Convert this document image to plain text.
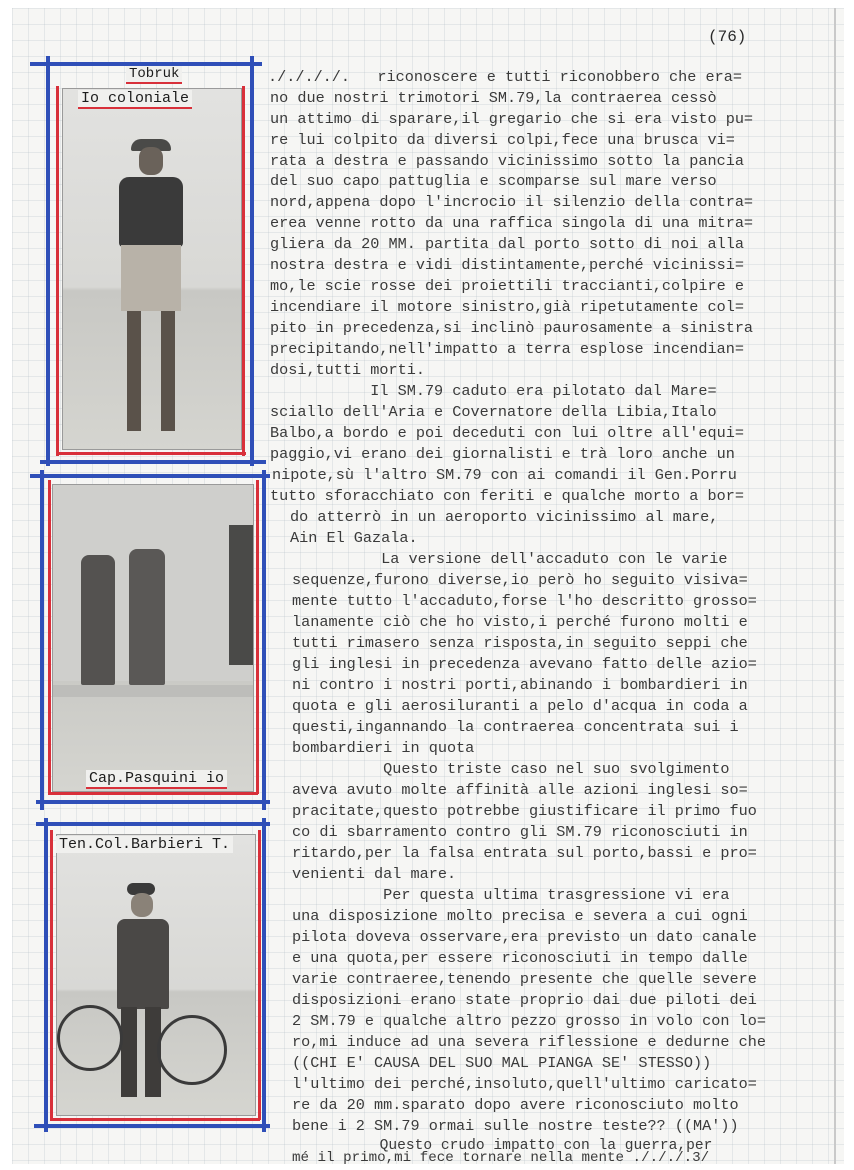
(76)
Tobruk
Io coloniale
Cap.Pasquini io
Ten.Col.Barbieri T.
././././.   riconoscere e tutti riconobbero che era=
no due nostri trimotori SM.79,la contraerea cessò
un attimo di sparare,il gregario che si era visto pu=
re lui colpito da diversi colpi,fece una brusca vi=
rata a destra e passando vicinissimo sotto la pancia
del suo capo pattuglia e scomparse sul mare verso
nord,appena dopo l'incrocio il silenzio della contra=
erea venne rotto da una raffica singola di una mitra=
gliera da 20 MM. partita dal porto sotto di noi alla
nostra destra e vidi distintamente,perché vicinissi=
mo,le scie rosse dei proiettili traccianti,colpire e
incendiare il motore sinistro,già ripetutamente col=
pito in precedenza,si inclinò paurosamente a sinistra
precipitando,nell'impatto a terra esplose incendian=
dosi,tutti morti.
Il SM.79 caduto era pilotato dal Mare=
sciallo dell'Aria e Covernatore della Libia,Italo
Balbo,a bordo e poi deceduti con lui oltre all'equi=
paggio,vi erano dei giornalisti e trà loro anche un
nipote,sù l'altro SM.79 con ai comandi il Gen.Porru
tutto sforacchiato con feriti e qualche morto a bor=
do atterrò in un aeroporto vicinissimo al mare,
Ain El Gazala.
La versione dell'accaduto con le varie
sequenze,furono diverse,io però ho seguito visiva=
mente tutto l'accaduto,forse l'ho descritto grosso=
lanamente ciò che ho visto,i perché furono molti e
tutti rimasero senza risposta,in seguito seppi che
gli inglesi in precedenza avevano fatto delle azio=
ni contro i nostri porti,abinando i bombardieri in
quota e gli aerosiluranti a pelo d'acqua in coda a
questi,ingannando la contraerea concentrata sui i
bombardieri in quota
Questo triste caso nel suo svolgimento
aveva avuto molte affinità alle azioni inglesi so=
pracitate,questo potrebbe giustificare il primo fuo
co di sbarramento contro gli SM.79 riconosciuti in
ritardo,per la falsa entrata sul porto,bassi e pro=
venienti dal mare.
Per questa ultima trasgressione vi era
una disposizione molto precisa e severa a cui ogni
pilota doveva osservare,era previsto un dato canale
e una quota,per essere riconosciuti in tempo dalle
varie contraeree,tenendo presente che quelle severe
disposizioni erano state proprio dai due piloti dei
2 SM.79 e qualche altro pezzo grosso in volo con lo=
ro,mi induce ad una severa riflessione e dedurne che
((CHI E' CAUSA DEL SUO MAL PIANGA SE' STESSO))
l'ultimo dei perché,insoluto,quell'ultimo caricato=
re da 20 mm.sparato dopo avere riconosciuto molto
bene i 2 SM.79 ormai sulle nostre teste?? ((MA'))
Questo crudo impatto con la guerra,per
mé il primo,mi fece tornare nella mente ./././.3/
